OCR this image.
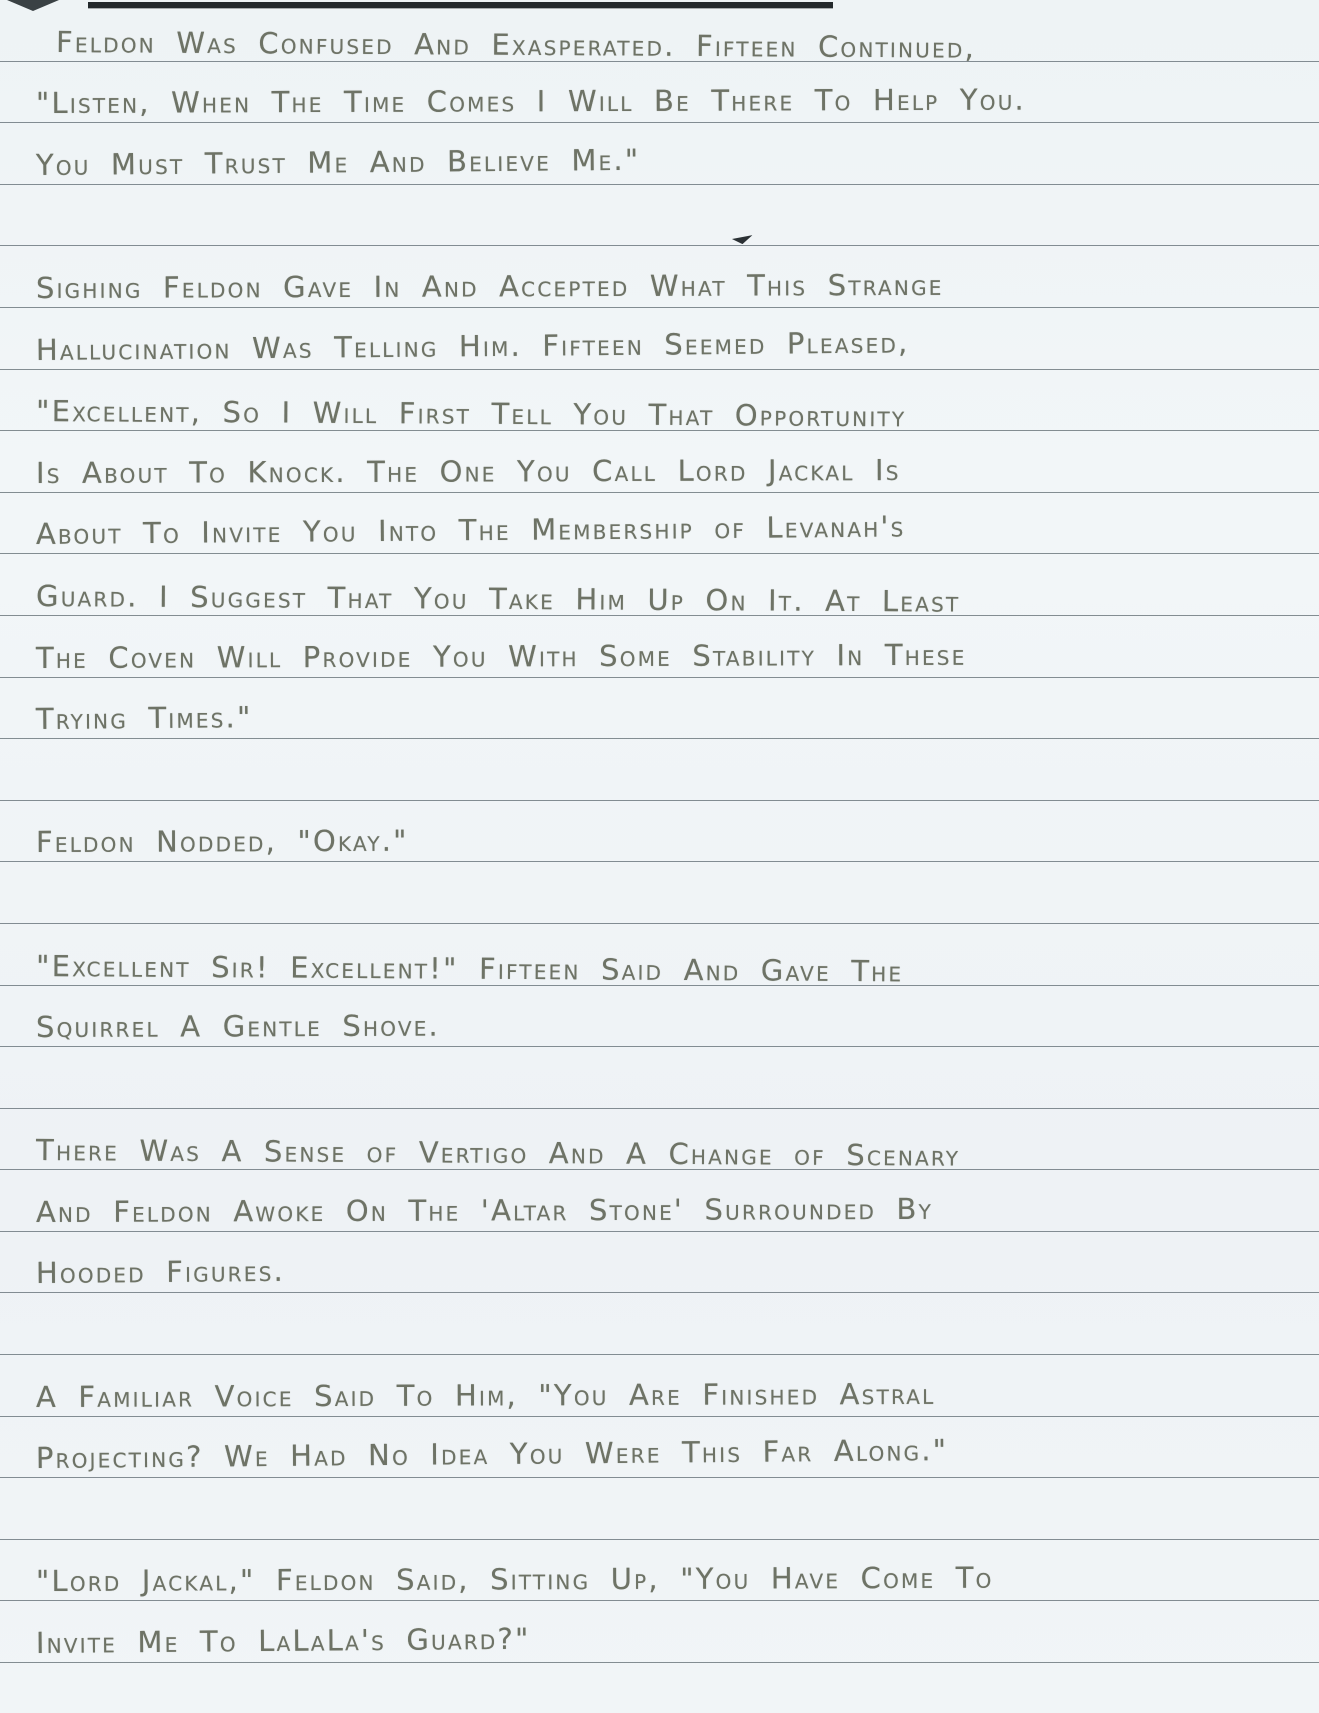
Feldon Was Confused And Exasperated. Fifteen Continued,
"Listen, When The Time Comes I Will Be There To Help You.
You Must Trust Me And Believe Me."
Sighing Feldon Gave In And Accepted What This Strange
Hallucination Was Telling Him. Fifteen Seemed Pleased,
"Excellent, So I Will First Tell You That Opportunity
Is About To Knock. The One You Call Lord Jackal Is
About To Invite You Into The Membership of Levanah's
Guard. I Suggest That You Take Him Up On It. At Least
The Coven Will Provide You With Some Stability In These
Trying Times."
Feldon Nodded, "Okay."
"Excellent Sir! Excellent!" Fifteen Said And Gave The
Squirrel A Gentle Shove.
There Was A Sense of Vertigo And A Change of Scenary
And Feldon Awoke On The 'Altar Stone' Surrounded By
Hooded Figures.
A Familiar Voice Said To Him, "You Are Finished Astral
Projecting? We Had No Idea You Were This Far Along."
"Lord Jackal," Feldon Said, Sitting Up, "You Have Come To
Invite Me To LaLaLa's Guard?"
